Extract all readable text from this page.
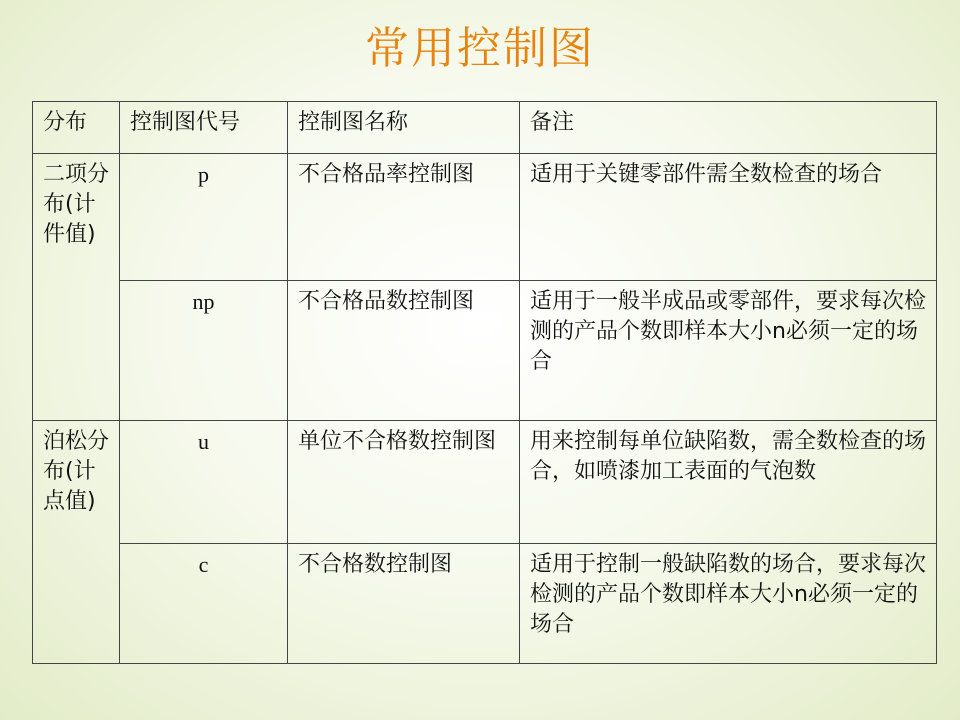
常用控制图
分布	控制图代号	控制图名称	备注
二项分布(计件值)	p	不合格品率控制图	适用于关键零部件需全数检查的场合
	np	不合格品数控制图	适用于一般半成品或零部件，要求每次检测的产品个数即样本大小n必须一定的场合
泊松分布(计点值)	u	单位不合格数控制图	用来控制每单位缺陷数，需全数检查的场合，如喷漆加工表面的气泡数
	c	不合格数控制图	适用于控制一般缺陷数的场合，要求每次检测的产品个数即样本大小n必须一定的场合
